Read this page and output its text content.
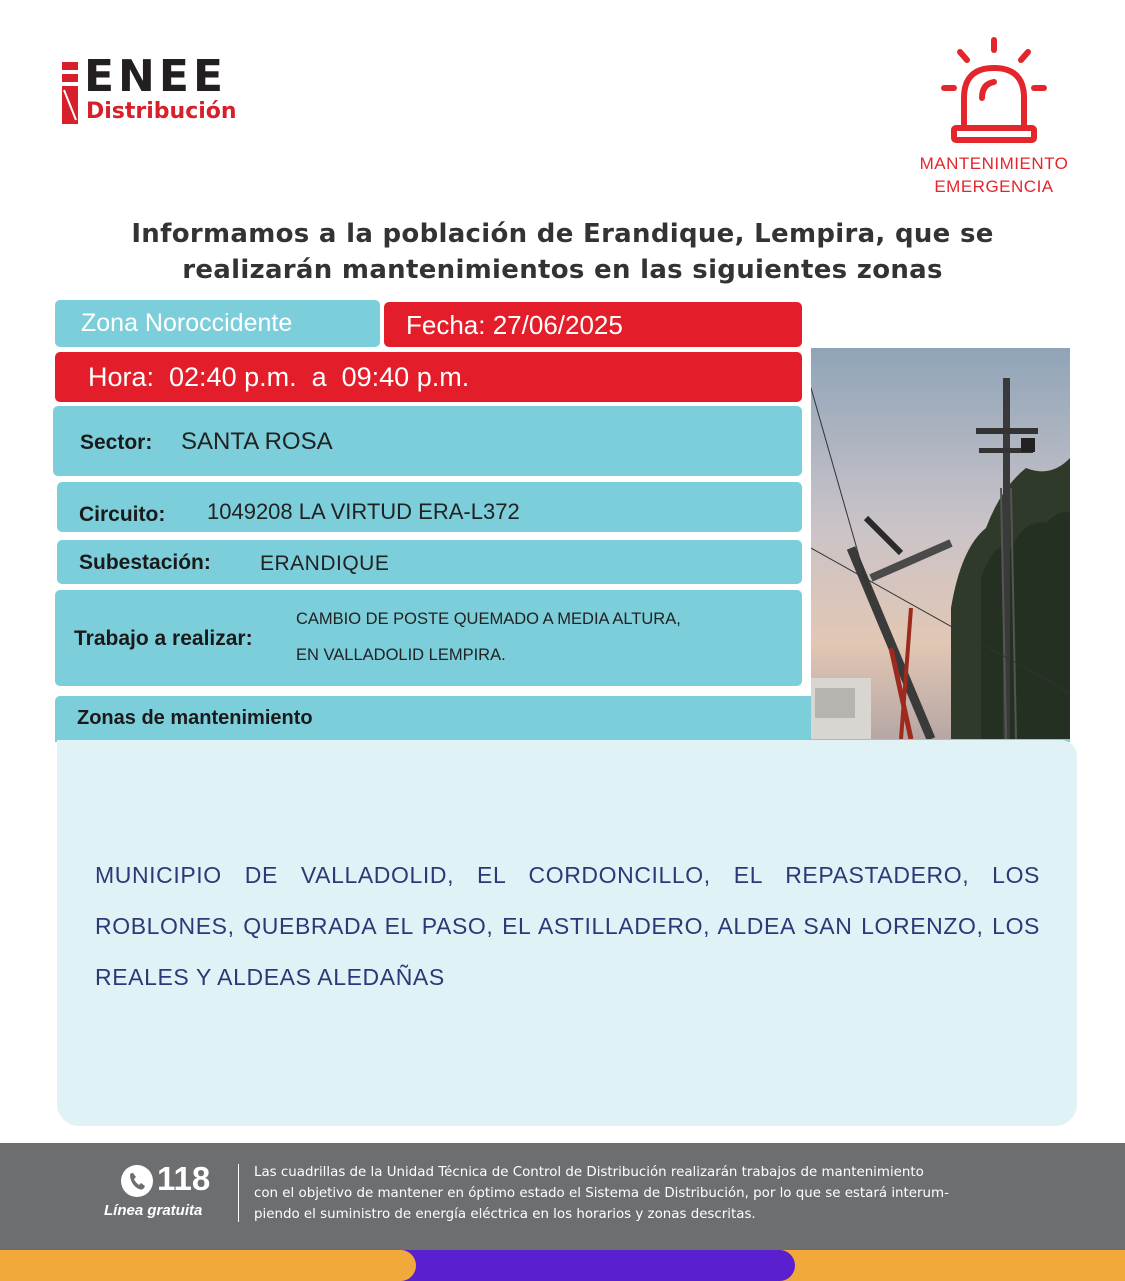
ENEE
Distribución
MANTENIMIENTO
EMERGENCIA
Informamos a la población de Erandique, Lempira, que se
realizarán mantenimientos en las siguientes zonas
Zona Noroccidente	Fecha: 27/06/2025
Hora:  02:40 p.m.  a  09:40 p.m.
Sector: SANTA ROSA
Circuito: 1049208 LA VIRTUD ERA-L372
Subestación: ERANDIQUE
Trabajo a realizar:
CAMBIO DE POSTE QUEMADO A MEDIA ALTURA,
EN VALLADOLID LEMPIRA.
Zonas de mantenimiento
MUNICIPIO DE VALLADOLID, EL CORDONCILLO, EL REPASTADERO, LOS ROBLONES, QUEBRADA EL PASO, EL ASTILLADERO, ALDEA SAN LORENZO, LOS REALES Y ALDEAS ALEDAÑAS
118
Línea gratuita
Las cuadrillas de la Unidad Técnica de Control de Distribución realizarán trabajos de mantenimiento
con el objetivo de mantener en óptimo estado el Sistema de Distribución, por lo que se estará interum-
piendo el suministro de energía eléctrica en los horarios y zonas descritas.
